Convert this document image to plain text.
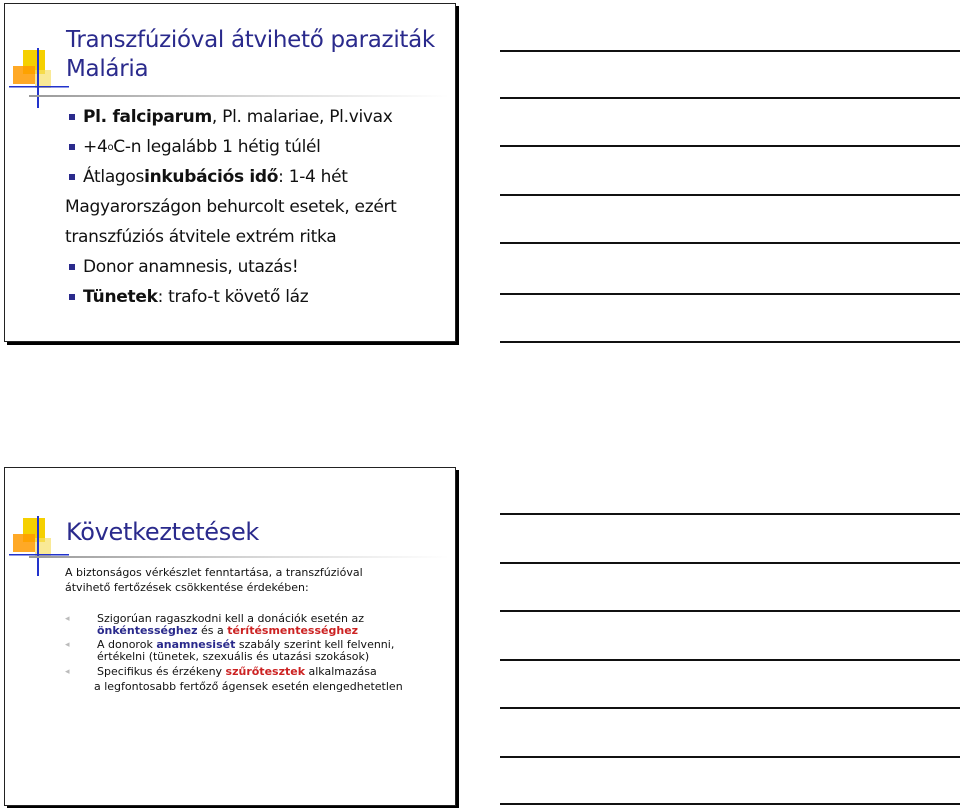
Transzfúzióval átvihető paraziták
Malária
Pl. falciparum , Pl. malariae, Pl.vivax
+4 o C-n legalább 1 hétig túlél
Átlagos inkubációs idő : 1-4 hét
Magyarországon behurcolt esetek, ezért
transzfúziós átvitele extrém ritka
Donor anamnesis, utazás!
Tünetek : trafo-t követő láz
Következtetések
A biztonságos vérkészlet fenntartása, a transzfúzióval
átvihető fertőzések csökkentése érdekében:
◂	Szigorúan ragaszkodni kell a donációk esetén az
önkéntességhez és a térítésmentességhez
◂	A donorok anamnesisét szabály szerint kell felvenni,
értékelni (tünetek, szexuális és utazási szokások)
◂	Specifikus és érzékeny szűrőtesztek alkalmazása
a legfontosabb fertőző ágensek esetén elengedhetetlen
